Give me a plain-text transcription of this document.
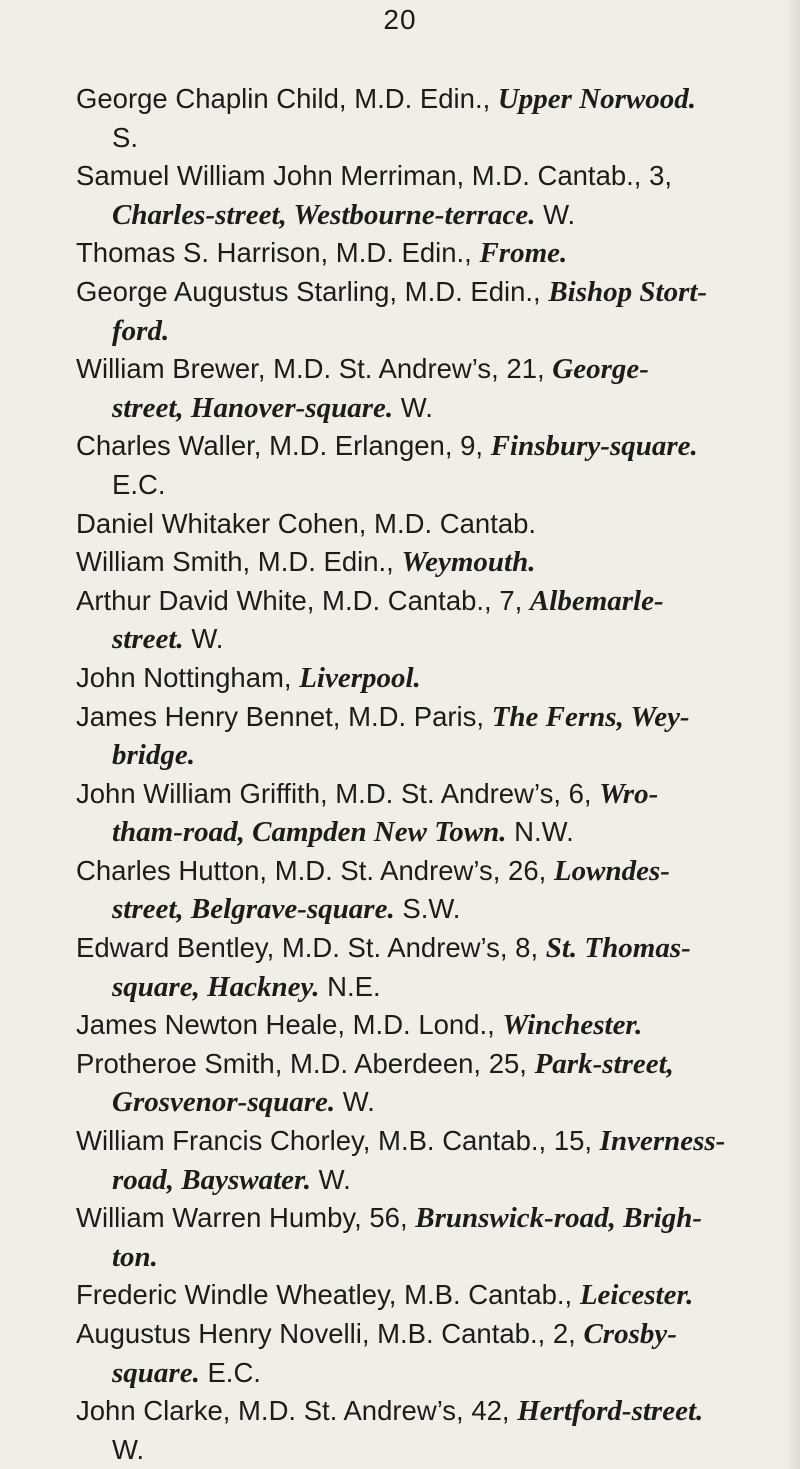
20

George Chaplin Child, M.D. Edin., Upper Norwood.
S.

Samuel William John Merriman, M.D. Cantab., 3,
Charles-street, Westbourne-terrace. W.

Thomas S. Harrison, M.D. Edin., Frome.

George Augustus Starling, M.D. Edin., Bishop Stort-
ford.

William Brewer, M.D. St. Andrew’s, 21, George-
street, Hanover-square. W.

Charles Waller, M.D. Erlangen, 9, Finsbury-square.
E.C.

Daniel Whitaker Cohen, M.D. Cantab.

William Smith, M.D. Edin., Weymouth.

Arthur David White, M.D. Cantab., 7, Albemarle-
street. W.

John Nottingham, Liverpool.

James Henry Bennet, M.D. Paris, The Ferns, Wey-
bridge.

John William Griffith, M.D. St. Andrew’s, 6, Wro-
tham-road, Campden New Town. N.W.

Charles Hutton, M.D. St. Andrew’s, 26, Lowndes-
street, Belgrave-square. S.W.

Edward Bentley, M.D. St. Andrew’s, 8, St. Thomas-
square, Hackney. N.E.

James Newton Heale, M.D. Lond., Winchester.

Protheroe Smith, M.D. Aberdeen, 25, Park-street,
Grosvenor-square. W.

William Francis Chorley, M.B. Cantab., 15, Inverness-
road, Bayswater. W.

William Warren Humby, 56, Brunswick-road, Brigh-
ton.

Frederic Windle Wheatley, M.B. Cantab., Leicester.

Augustus Henry Novelli, M.B. Cantab., 2, Crosby-
square. E.C.

John Clarke, M.D. St. Andrew’s, 42, Hertford-street.
W.
